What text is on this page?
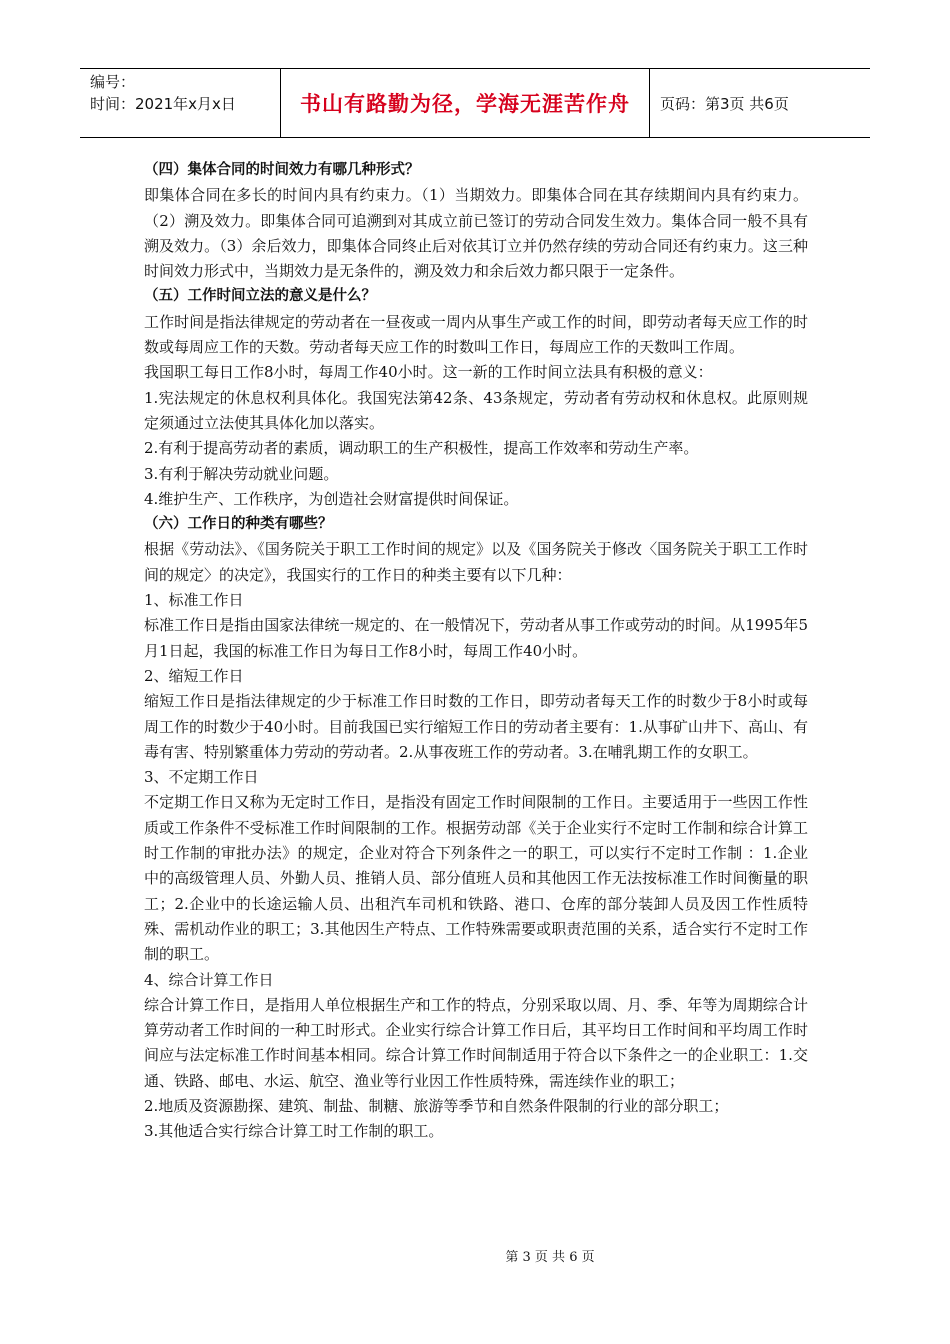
编号：
时间：2021年x月x日	书山有路勤为径，学海无涯苦作舟 页码：第3页 共6页

（四）集体合同的时间效力有哪几种形式？

即集体合同在多长的时间内具有约束力。（1）当期效力。即集体合同在其存续期间内具有约束力。（2）溯及效力。即集体合同可追溯到对其成立前已签订的劳动合同发生效力。集体合同一般不具有溯及效力。（3）余后效力，即集体合同终止后对依其订立并仍然存续的劳动合同还有约束力。这三种时间效力形式中，当期效力是无条件的，溯及效力和余后效力都只限于一定条件。

（五）工作时间立法的意义是什么？

工作时间是指法律规定的劳动者在一昼夜或一周内从事生产或工作的时间，即劳动者每天应工作的时数或每周应工作的天数。劳动者每天应工作的时数叫工作日，每周应工作的天数叫工作周。

我国职工每日工作8小时，每周工作40小时。这一新的工作时间立法具有积极的意义：

1.宪法规定的休息权利具体化。我国宪法第42条、43条规定，劳动者有劳动权和休息权。此原则规定须通过立法使其具体化加以落实。

2.有利于提高劳动者的素质，调动职工的生产积极性，提高工作效率和劳动生产率。

3.有利于解决劳动就业问题。

4.维护生产、工作秩序，为创造社会财富提供时间保证。

（六）工作日的种类有哪些？

根据《劳动法》、《国务院关于职工工作时间的规定》以及《国务院关于修改〈国务院关于职工工作时间的规定〉的决定》，我国实行的工作日的种类主要有以下几种：

1、标准工作日

标准工作日是指由国家法律统一规定的、在一般情况下，劳动者从事工作或劳动的时间。从1995年5月1日起，我国的标准工作日为每日工作8小时，每周工作40小时。

2、缩短工作日

缩短工作日是指法律规定的少于标准工作日时数的工作日，即劳动者每天工作的时数少于8小时或每周工作的时数少于40小时。目前我国已实行缩短工作日的劳动者主要有：1.从事矿山井下、高山、有毒有害、特别繁重体力劳动的劳动者。2.从事夜班工作的劳动者。3.在哺乳期工作的女职工。

3、不定期工作日

不定期工作日又称为无定时工作日，是指没有固定工作时间限制的工作日。主要适用于一些因工作性质或工作条件不受标准工作时间限制的工作。根据劳动部《关于企业实行不定时工作制和综合计算工时工作制的审批办法》的规定，企业对符合下列条件之一的职工，可以实行不定时工作制 ：1.企业中的高级管理人员、外勤人员、推销人员、部分值班人员和其他因工作无法按标准工作时间衡量的职工；2.企业中的长途运输人员、出租汽车司机和铁路、港口、仓库的部分装卸人员及因工作性质特殊、需机动作业的职工；3.其他因生产特点、工作特殊需要或职责范围的关系，适合实行不定时工作制的职工。

4、综合计算工作日

综合计算工作日，是指用人单位根据生产和工作的特点，分别采取以周、月、季、年等为周期综合计算劳动者工作时间的一种工时形式。企业实行综合计算工作日后，其平均日工作时间和平均周工作时间应与法定标准工作时间基本相同。综合计算工作时间制适用于符合以下条件之一的企业职工：1.交通、铁路、邮电、水运、航空、渔业等行业因工作性质特殊，需连续作业的职工；

2.地质及资源勘探、建筑、制盐、制糖、旅游等季节和自然条件限制的行业的部分职工；

3.其他适合实行综合计算工时工作制的职工。

第 3 页 共 6 页
